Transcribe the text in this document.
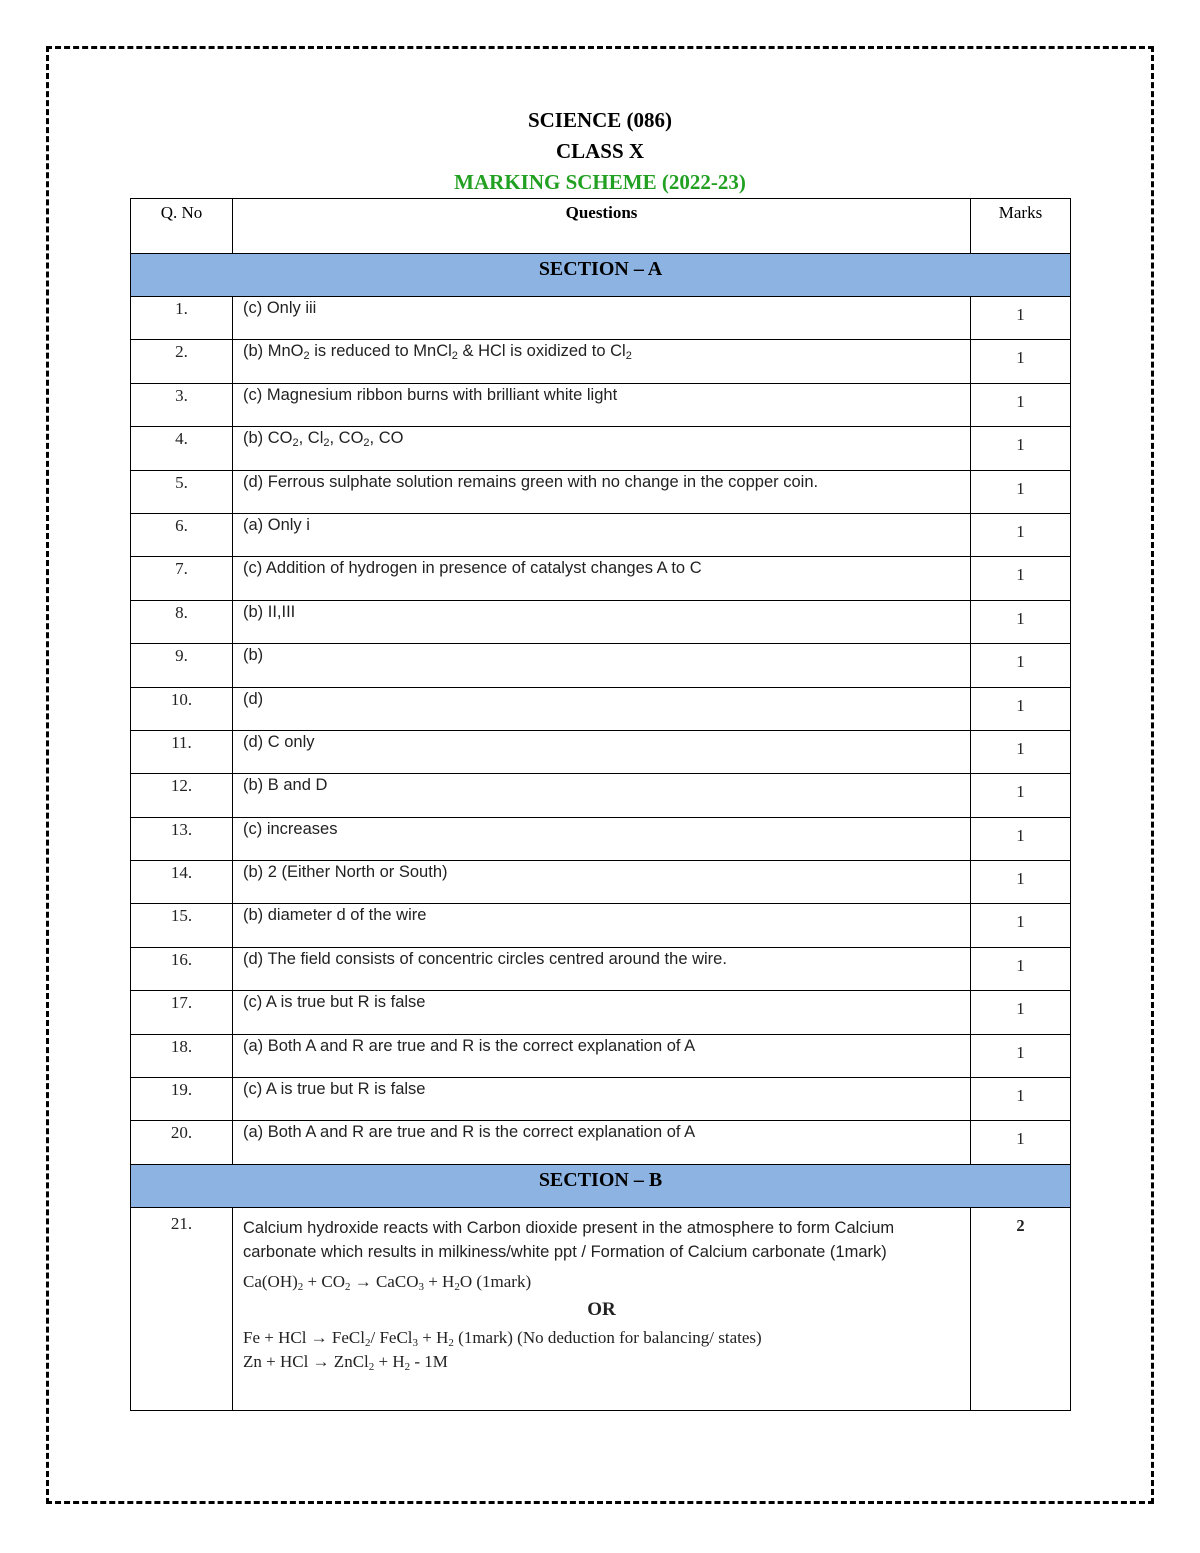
SCIENCE (086)
CLASS X
MARKING SCHEME (2022-23)
Q. No	Questions	Marks
SECTION – A		
1.	(c) Only iii	1
2.	(b) MnO$_2$ is reduced to MnCl$_2$ & HCl is oxidized to $Cl_2$	1
3.	(c) Magnesium ribbon burns with brilliant white light	1
4.	(b) $CO_2$, $Cl_2$, $CO_2$, CO	1
5.	(d) Ferrous sulphate solution remains green with no change in the copper coin.	1
6.	(a) Only i	1
7.	(c) Addition of hydrogen in presence of catalyst changes A to C	1
8.	(b) II,III	1
9.	(b)	1
10.	(d)	1
11.	(d) C only	1
12.	(b) B and D	1
13.	(c) increases	1
14.	(b) 2 (Either North or South)	1
15.	(b) diameter d of the wire	1
16.	(d) The field consists of concentric circles centred around the wire.	1
17.	(c) A is true but R is false	1
18.	(a) Both A and R are true and R is the correct explanation of A	1
19.	(c) A is true but R is false	1
20.	(a) Both A and R are true and R is the correct explanation of A	1
SECTION – B		
21.	Calcium hydroxide reacts with Carbon dioxide present in the atmosphere to form Calcium carbonate which results in milkiness/white ppt / Formation of Calcium carbonate (1mark)
$Ca(OH)_2 + CO_2$ → CaCO$_3$ + $H_2O$ (1mark)
OR
Fe + HCl → FeCl$_2$/ FeCl$_3$ + $H_2$ (1mark) (No deduction for balancing/ states)
Zn + HCl → ZnCl$_2$ + $H_2 - 1M$	2
